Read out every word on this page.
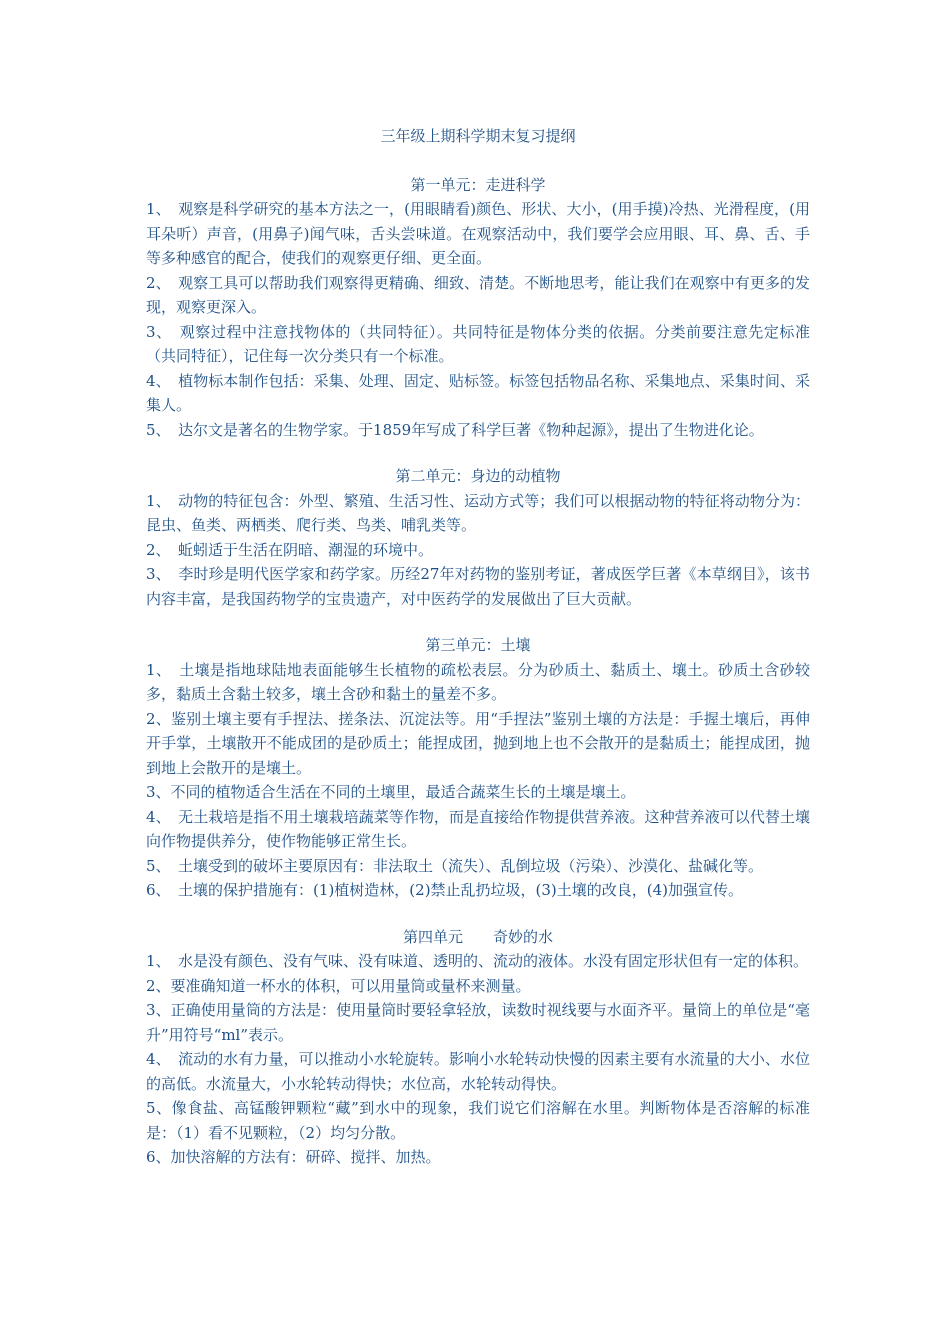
三年级上期科学期末复习提纲
第一单元：走进科学

1、　观察是科学研究的基本方法之一，(用眼睛看)颜色、形状、大小，(用手摸)冷热、光滑程度，(用耳朵听）声音，(用鼻子)闻气味，舌头尝味道。在观察活动中，我们要学会应用眼、耳、鼻、舌、手等多种感官的配合，使我们的观察更仔细、更全面。

2、　观察工具可以帮助我们观察得更精确、细致、清楚。不断地思考，能让我们在观察中有更多的发现，观察更深入。

3、　观察过程中注意找物体的（共同特征）。共同特征是物体分类的依据。分类前要注意先定标准（共同特征），记住每一次分类只有一个标准。

4、　植物标本制作包括：采集、处理、固定、贴标签。标签包括物品名称、采集地点、采集时间、采集人。

5、　达尔文是著名的生物学家。于1859年写成了科学巨著《物种起源》，提出了生物进化论。

第二单元：身边的动植物

1、　动物的特征包含：外型、繁殖、生活习性、运动方式等；我们可以根据动物的特征将动物分为：昆虫、鱼类、两栖类、爬行类、鸟类、哺乳类等。

2、　蚯蚓适于生活在阴暗、潮湿的环境中。

3、　李时珍是明代医学家和药学家。历经27年对药物的鉴别考证，著成医学巨著《本草纲目》，该书内容丰富，是我国药物学的宝贵遗产，对中医药学的发展做出了巨大贡献。

第三单元：土壤

1、　土壤是指地球陆地表面能够生长植物的疏松表层。分为砂质土、黏质土、壤土。砂质土含砂较多，黏质土含黏土较多，壤土含砂和黏土的量差不多。

2、鉴别土壤主要有手捏法、搓条法、沉淀法等。用“手捏法”鉴别土壤的方法是：手握土壤后，再伸开手掌，土壤散开不能成团的是砂质土；能捏成团，抛到地上也不会散开的是黏质土；能捏成团，抛到地上会散开的是壤土。

3、不同的植物适合生活在不同的土壤里，最适合蔬菜生长的土壤是壤土。

4、　无土栽培是指不用土壤栽培蔬菜等作物，而是直接给作物提供营养液。这种营养液可以代替土壤向作物提供养分，使作物能够正常生长。

5、　土壤受到的破坏主要原因有：非法取土（流失）、乱倒垃圾（污染）、沙漠化、盐碱化等。

6、　土壤的保护措施有：(1)植树造林，(2)禁止乱扔垃圾，(3)土壤的改良，(4)加强宣传。

第四单元　　奇妙的水

1、　水是没有颜色、没有气味、没有味道、透明的、流动的液体。水没有固定形状但有一定的体积。

2、要准确知道一杯水的体积，可以用量筒或量杯来测量。

3、正确使用量筒的方法是：使用量筒时要轻拿轻放，读数时视线要与水面齐平。量筒上的单位是“毫升”用符号“ml”表示。

4、　流动的水有力量，可以推动小水轮旋转。影响小水轮转动快慢的因素主要有水流量的大小、水位的高低。水流量大，小水轮转动得快；水位高，水轮转动得快。

5、像食盐、高锰酸钾颗粒“藏”到水中的现象，我们说它们溶解在水里。判断物体是否溶解的标准是：（1）看不见颗粒，（2）均匀分散。

6、加快溶解的方法有：研碎、搅拌、加热。
